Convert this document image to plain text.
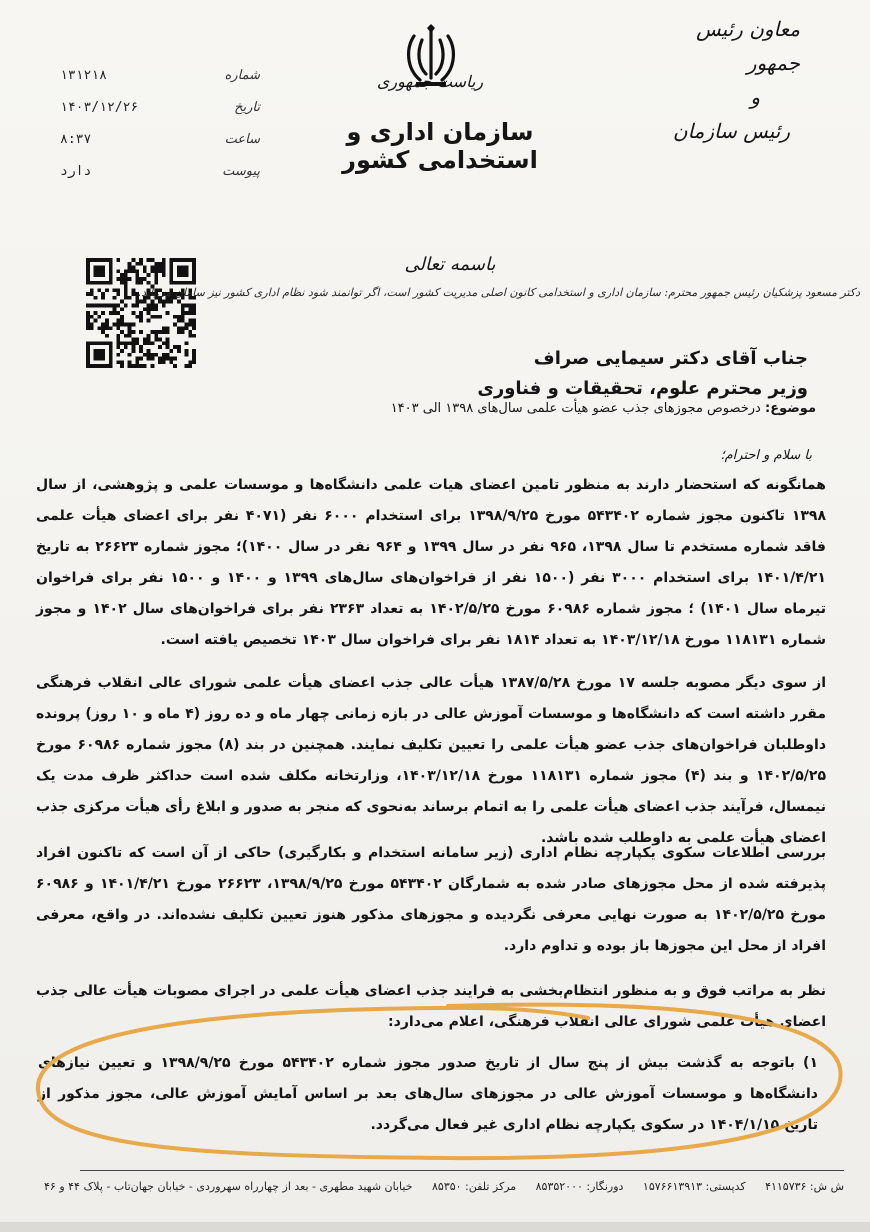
معاون رئیس جمهور
و
رئیس سازمان
ریاست جمهوری
سازمان اداری و استخدامی کشور
شماره
۱۳۱۲۱۸
تاریخ
۱۴۰۳/۱۲/۲۶
ساعت
۸:۳۷
پیوست
دارد
باسمه تعالی
دکتر مسعود پزشکیان رئیس جمهور محترم: سازمان اداری و استخدامی کانون اصلی مدیریت کشور است، اگر توانمند شود نظام اداری کشور نیز سامان می‌یابد.
جناب آقای دکتر سیمایی صراف
وزیر محترم علوم، تحقیقات و فناوری
موضوع: درخصوص مجوزهای جذب عضو هیأت علمی سال‌های ۱۳۹۸ الی ۱۴۰۳
با سلام و احترام؛
همانگونه که استحضار دارند به منظور تامین اعضای هیات علمی دانشگاه‌ها و موسسات علمی و پژوهشی، از سال ۱۳۹۸ تاکنون مجوز شماره ۵۴۳۴۰۲ مورخ ۱۳۹۸/۹/۲۵ برای استخدام ۶۰۰۰ نفر (۴۰۷۱ نفر برای اعضای هیأت علمی فاقد شماره مستخدم تا سال ۱۳۹۸، ۹۶۵ نفر در سال ۱۳۹۹ و ۹۶۴ نفر در سال ۱۴۰۰)؛ مجوز شماره ۲۶۶۲۳ به تاریخ ۱۴۰۱/۴/۲۱ برای استخدام ۳۰۰۰ نفر (۱۵۰۰ نفر از فراخوان‌های سال‌های ۱۳۹۹ و ۱۴۰۰ و ۱۵۰۰ نفر برای فراخوان تیرماه سال ۱۴۰۱) ؛ مجوز شماره ۶۰۹۸۶ مورخ ۱۴۰۲/۵/۲۵ به تعداد ۲۳۶۳ نفر برای فراخوان‌های سال ۱۴۰۲ و مجوز شماره ۱۱۸۱۳۱ مورخ ۱۴۰۳/۱۲/۱۸ به تعداد ۱۸۱۴ نفر برای فراخوان سال ۱۴۰۳ تخصیص یافته است.
از سوی دیگر مصوبه جلسه ۱۷ مورخ ۱۳۸۷/۵/۲۸ هیأت عالی جذب اعضای هیأت علمی شورای عالی انقلاب فرهنگی مقرر داشته است که دانشگاه‌ها و موسسات آموزش عالی در بازه زمانی چهار ماه و ده روز (۴ ماه و ۱۰ روز) پرونده داوطلبان فراخوان‌های جذب عضو هیأت علمی را تعیین تکلیف نمایند. همچنین در بند (۸) مجوز شماره ۶۰۹۸۶ مورخ ۱۴۰۲/۵/۲۵ و بند (۴) مجوز شماره ۱۱۸۱۳۱ مورخ ۱۴۰۳/۱۲/۱۸، وزارتخانه مکلف شده است حداکثر ظرف مدت یک نیمسال، فرآیند جذب اعضای هیأت علمی را به اتمام برساند به‌نحوی که منجر به صدور و ابلاغ رأی هیأت مرکزی جذب اعضای هیأت علمی به داوطلب شده باشد.
بررسی اطلاعات سکوی یکپارچه نظام اداری (زیر سامانه استخدام و بکارگیری) حاکی از آن است که تاکنون افراد پذیرفته شده از محل مجوزهای صادر شده به شمارگان ۵۴۳۴۰۲ مورخ ۱۳۹۸/۹/۲۵، ۲۶۶۲۳ مورخ ۱۴۰۱/۴/۲۱ و ۶۰۹۸۶ مورخ ۱۴۰۲/۵/۲۵ به صورت نهایی معرفی نگردیده و مجوزهای مذکور هنوز تعیین تکلیف نشده‌اند. در واقع، معرفی افراد از محل این مجوزها باز بوده و تداوم دارد.
نظر به مراتب فوق و به منظور انتظام‌بخشی به فرایند جذب اعضای هیأت علمی در اجرای مصوبات هیأت عالی جذب اعضای هیأت علمی شورای عالی انقلاب فرهنگی، اعلام می‌دارد:
۱) باتوجه به گذشت بیش از پنج سال از تاریخ صدور مجوز شماره ۵۴۳۴۰۲ مورخ ۱۳۹۸/۹/۲۵ و تعیین نیازهای دانشگاه‌ها و موسسات آموزش عالی در مجوزهای سال‌های بعد بر اساس آمایش آموزش عالی، مجوز مذکور از تاریخ ۱۴۰۴/۱/۱۵ در سکوی یکپارچه نظام اداری غیر فعال می‌گردد.
خیابان شهید مطهری - بعد از چهارراه سهروردی - خیابان جهان‌تاب - پلاک ۴۴ و ۴۶ مرکز تلفن: ۸۵۳۵۰ دورنگار: ۸۵۳۵۲۰۰۰ کدپستی: ۱۵۷۶۶۱۳۹۱۳ ش ش: ۴۱۱۵۷۳۶
